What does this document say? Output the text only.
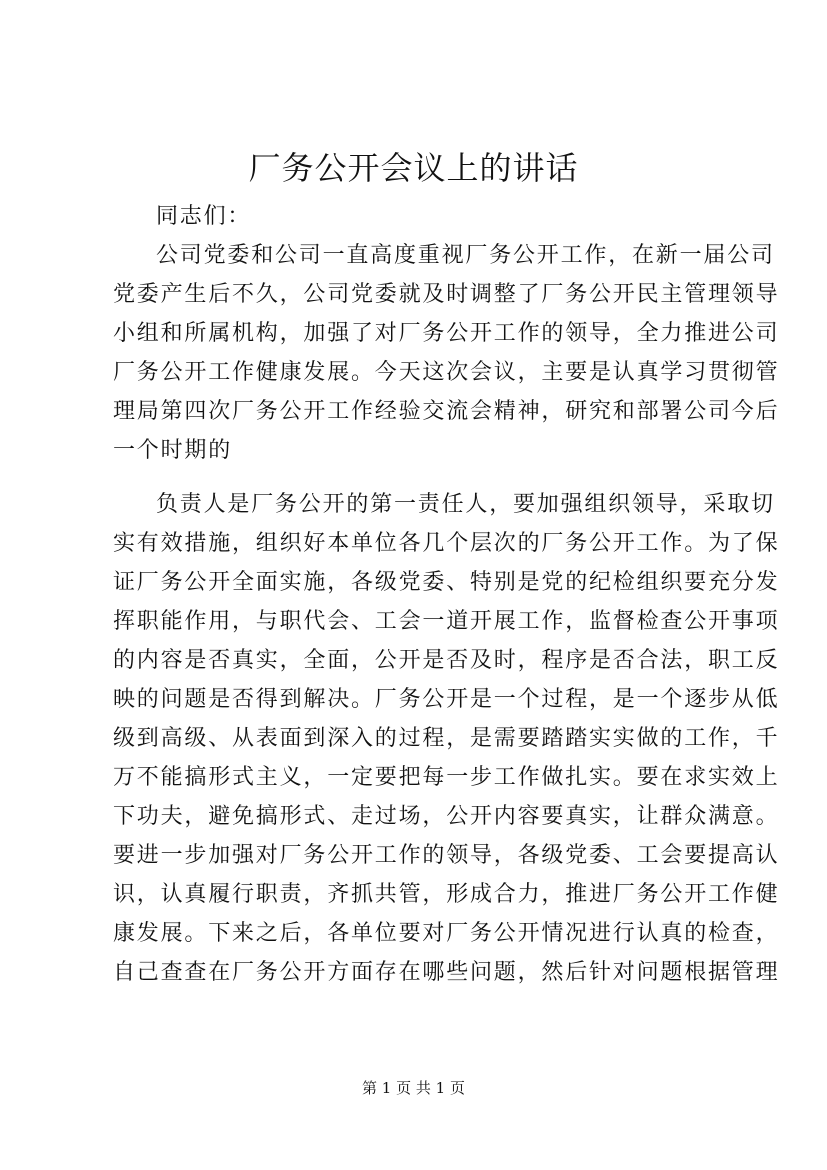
厂务公开会议上的讲话
同志们：
公司党委和公司一直高度重视厂务公开工作，在新一届公司
党委产生后不久，公司党委就及时调整了厂务公开民主管理领导
小组和所属机构，加强了对厂务公开工作的领导，全力推进公司
厂务公开工作健康发展。今天这次会议，主要是认真学习贯彻管
理局第四次厂务公开工作经验交流会精神，研究和部署公司今后
一个时期的
负责人是厂务公开的第一责任人，要加强组织领导，采取切
实有效措施，组织好本单位各几个层次的厂务公开工作。为了保
证厂务公开全面实施，各级党委、特别是党的纪检组织要充分发
挥职能作用，与职代会、工会一道开展工作，监督检查公开事项
的内容是否真实，全面，公开是否及时，程序是否合法，职工反
映的问题是否得到解决。厂务公开是一个过程，是一个逐步从低
级到高级、从表面到深入的过程，是需要踏踏实实做的工作，千
万不能搞形式主义，一定要把每一步工作做扎实。要在求实效上
下功夫，避免搞形式、走过场，公开内容要真实，让群众满意。
要进一步加强对厂务公开工作的领导，各级党委、工会要提高认
识，认真履行职责，齐抓共管，形成合力，推进厂务公开工作健
康发展。下来之后，各单位要对厂务公开情况进行认真的检查，
自己查查在厂务公开方面存在哪些问题，然后针对问题根据管理
第 1 页 共 1 页
